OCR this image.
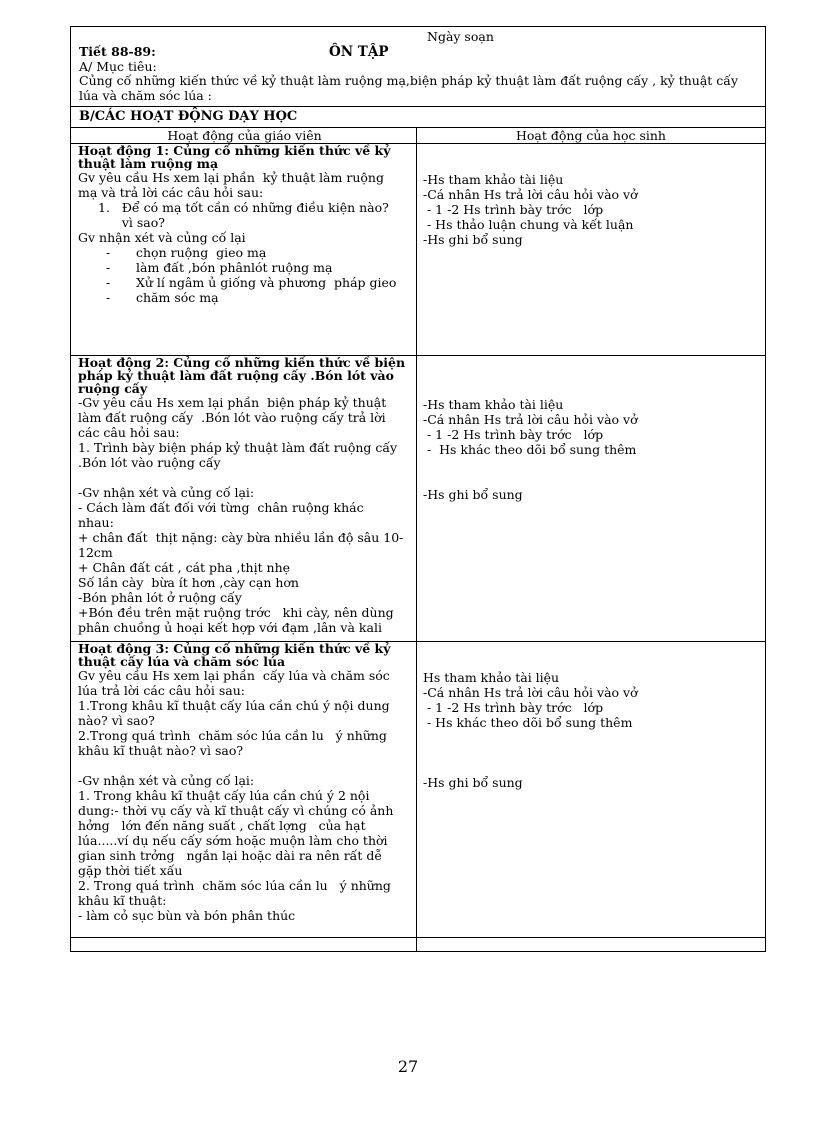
Ngày soạn
Tiết 88-89:	ÔN TẬP
A/ Mục tiêu:
Củng cố những kiến thức về kỷ thuật làm ruộng mạ,biện pháp kỷ thuật làm đất ruộng cấy , kỷ thuật cấy lúa và chăm sóc lúa :
B/CÁC HOẠT ĐỘNG DẠY HỌC
Hoạt động của giáo viên	Hoạt động của học sinh
Hoạt động 1: Củng cố những kiến thức về kỷ
thuật làm ruộng mạ
Gv yêu cầu Hs xem lại phần  kỷ thuật làm ruộng
mạ và trả lời các câu hỏi sau:
1.   Để có mạ tốt cần có những điều kiện nào?
vì sao?
Gv nhận xét và củng cố lại
- chọn ruộng  gieo mạ
- làm đất ,bón phânlót ruộng mạ
- Xử lí ngâm ủ giống và phương  pháp gieo
- chăm sóc mạ
-Hs tham khảo tài liệu
-Cá nhân Hs trả lời câu hỏi vào vở
- 1 -2 Hs trình bày trớc   lớp
- Hs thảo luận chung và kết luận
-Hs ghi bổ sung
Hoạt động 2: Củng cố những kiến thức về biện
pháp kỷ thuật làm đất ruộng cấy .Bón lót vào
ruộng cấy
-Gv yêu cầu Hs xem lại phần  biện pháp kỷ thuật
làm đất ruộng cấy  .Bón lót vào ruộng cấy trả lời
các câu hỏi sau:
1. Trình bày biện pháp kỷ thuật làm đất ruộng cấy
.Bón lót vào ruộng cấy

-Gv nhận xét và củng cố lại:
- Cách làm đất đối với từng  chân ruộng khác
nhau:
+ chân đất  thịt nặng: cày bừa nhiều lần độ sâu 10-
12cm
+ Chân đất cát , cát pha ,thịt nhẹ
Số lần cày  bừa ít hơn ,cày cạn hơn
-Bón phân lót ở ruộng cấy
+Bón đều trên mặt ruộng trớc   khi cày, nên dùng
phân chuồng ủ hoại kết hợp với đạm ,lân và kali
-Hs tham khảo tài liệu
-Cá nhân Hs trả lời câu hỏi vào vở
- 1 -2 Hs trình bày trớc   lớp
-  Hs khác theo dõi bổ sung thêm

-Hs ghi bổ sung
Hoạt động 3: Củng cố những kiến thức về kỷ
thuật cấy lúa và chăm sóc lúa
Gv yêu cầu Hs xem lại phần  cấy lúa và chăm sóc
lúa trả lời các câu hỏi sau:
1.Trong khâu kĩ thuật cấy lúa cần chú ý nội dung
nào? vì sao?
2.Trong quá trình  chăm sóc lúa cần lu   ý những
khâu kĩ thuật nào? vì sao?

-Gv nhận xét và củng cố lại:
1. Trong khâu kĩ thuật cấy lúa cần chú ý 2 nội
dung:- thời vụ cấy và kĩ thuật cấy vì chúng có ảnh
hởng   lớn đến năng suất , chất lợng   của hạt
lúa.....ví dụ nếu cấy sớm hoặc muộn làm cho thời
gian sinh trởng   ngắn lại hoặc dài ra nên rất dễ
gặp thời tiết xấu
2. Trong quá trình  chăm sóc lúa cần lu   ý những
khâu kĩ thuật:
- làm cỏ sục bùn và bón phân thúc
Hs tham khảo tài liệu
-Cá nhân Hs trả lời câu hỏi vào vở
- 1 -2 Hs trình bày trớc   lớp
- Hs khác theo dõi bổ sung thêm

-Hs ghi bổ sung
27
